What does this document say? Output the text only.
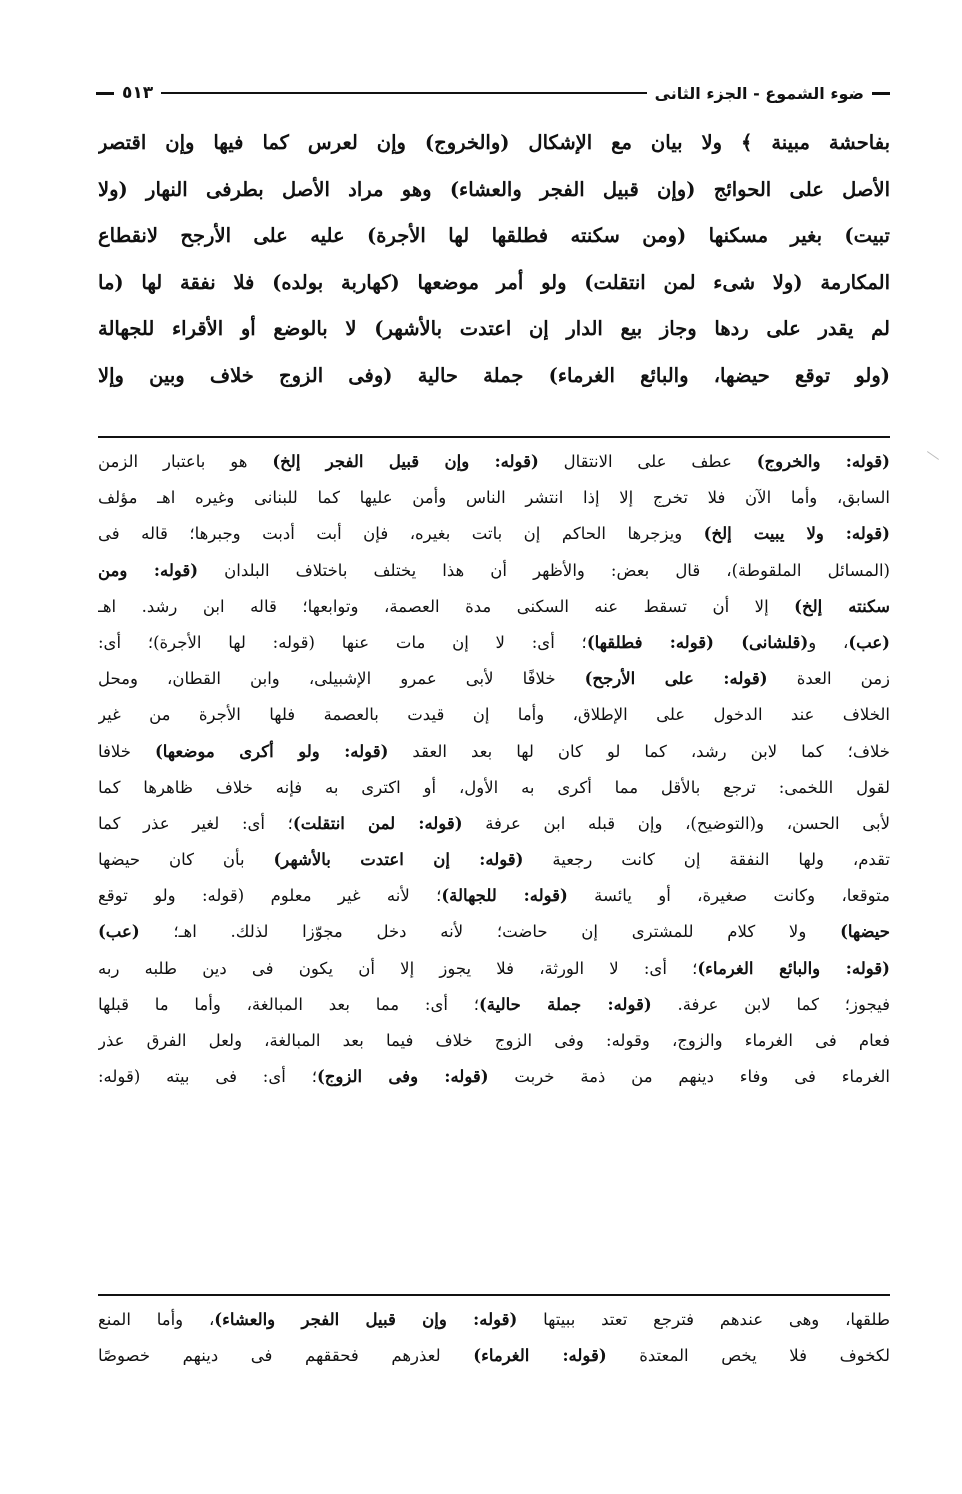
ضوء الشموع - الجزء الثانى
٥١٣
بفاحشة مبينة ﴾ ولا بيان مع الإشكال (والخروج) وإن لعرس كما فيها وإن اقتصر
الأصل على الحوائج (وإن قبيل الفجر والعشاء) وهو مراد الأصل بطرفى النهار (ولا
تبيت) بغير مسكنها (ومن سكنته فطلقها لها الأجرة) عليه على الأرجح لانقطاع
المكارمة (ولا شىء لمن انتقلت) ولو أمر موضعها (كهاربة بولده) فلا نفقة لها (ما
لم يقدر على ردها وجاز بيع الدار إن اعتدت بالأشهر) لا بالوضع أو الأقراء للجهالة
(ولو توقع حيضها، والبائع الغرماء) جملة حالية (وفى الزوج خلاف وبين وإلا
(قوله: والخروج) عطف على الانتقال (قوله: وإن قبيل الفجر إلخ) هو باعتبار الزمن
السابق، وأما الآن فلا تخرج إلا إذا انتشر الناس وأمن عليها كما للبنانى وغيره اهـ مؤلف
(قوله: ولا يبيت إلخ) ويزجرها الحاكم إن باتت بغيره، فإن أبت أدبت وجبرها؛ قاله فى
(المسائل الملقوطة)، قال بعض: والأظهر أن هذا يختلف باختلاف البلدان (قوله: ومن
سكنته إلخ) إلا أن تسقط عنه السكنى مدة العصمة، وتوابعها؛ قاله ابن رشد. اهـ
(عب)، و(قلشانى) (قوله: فطلقها)؛ أى: لا إن مات عنها (قوله: لها الأجرة)؛ أى:
زمن العدة (قوله: على الأرجح) خلافًا لأبى عمرو الإشبيلى، وابن القطان، ومحل
الخلاف عند الدخول على الإطلاق، وأما إن قيدت بالعصمة فلها الأجرة من غير
خلاف؛ كما لابن رشد، كما لو كان لها بعد العقد (قوله: ولو أكرى موضعها) خلافا
لقول اللخمى: ترجع بالأقل مما أكرى به الأول، أو اكترى به فإنه خلاف ظاهرها كما
لأبى الحسن، و(التوضيح)، وإن قبله ابن عرفة (قوله: لمن انتقلت)؛ أى: لغير عذر كما
تقدم، ولها النفقة إن كانت رجعية (قوله: إن اعتدت بالأشهر) بأن كان حيضها
متوقعا، وكانت صغيرة، أو يائسة (قوله: للجهالة)؛ لأنه غير معلوم (قوله: ولو توقع
حيضها) ولا كلام للمشترى إن حاضت؛ لأنه دخل مجوّزا لذلك. اهـ؛ (عب)
(قوله: والبائع الغرماء)؛ أى: لا الورثة، فلا يجوز إلا أن يكون فى دين طلبه ربه
فيجوز؛ كما لابن عرفة. (قوله: جملة حالية)؛ أى: مما بعد المبالغة، وأما ما قبلها
فعام فى الغرماء والزوج، وقوله: وفى الزوج خلاف فيما بعد المبالغة، ولعل الفرق عذر
الغرماء فى وفاء دينهم من ذمة خربت (قوله: وفى الزوج)؛ أى: فى بيته (قوله:
طلقها، وهى عندهم فترجع تعتد ببيتها (قوله: وإن قبيل الفجر والعشاء)، وأما المنع
لكخوف فلا يخص المعتدة (قوله: الغرماء) لعذرهم فحققهم فى دينهم خصوصًا
